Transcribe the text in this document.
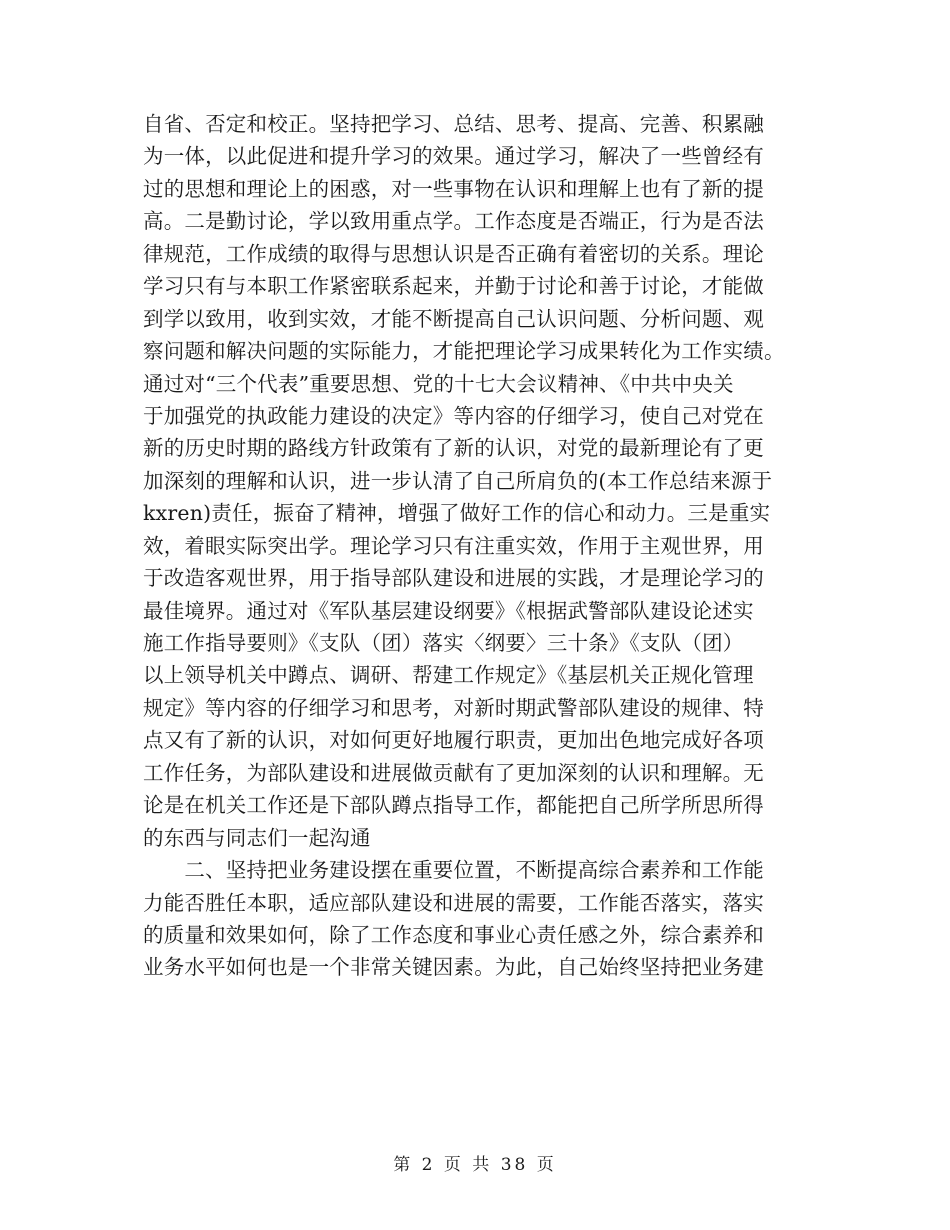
自省、否定和校正。坚持把学习、总结、思考、提高、完善、积累融
为一体，以此促进和提升学习的效果。通过学习，解决了一些曾经有
过的思想和理论上的困惑，对一些事物在认识和理解上也有了新的提
高。二是勤讨论，学以致用重点学。工作态度是否端正，行为是否法
律规范，工作成绩的取得与思想认识是否正确有着密切的关系。理论
学习只有与本职工作紧密联系起来，并勤于讨论和善于讨论，才能做
到学以致用，收到实效，才能不断提高自己认识问题、分析问题、观
察问题和解决问题的实际能力，才能把理论学习成果转化为工作实绩。
通过对“三个代表”重要思想、党的十七大会议精神、《中共中央关
于加强党的执政能力建设的决定》等内容的仔细学习，使自己对党在
新的历史时期的路线方针政策有了新的认识，对党的最新理论有了更
加深刻的理解和认识，进一步认清了自己所肩负的(本工作总结来源于
kxren)责任，振奋了精神，增强了做好工作的信心和动力。三是重实
效，着眼实际突出学。理论学习只有注重实效，作用于主观世界，用
于改造客观世界，用于指导部队建设和进展的实践，才是理论学习的
最佳境界。通过对《军队基层建设纲要》《根据武警部队建设论述实
施工作指导要则》《支队（团）落实〈纲要〉三十条》《支队（团）
以上领导机关中蹲点、调研、帮建工作规定》《基层机关正规化管理
规定》等内容的仔细学习和思考，对新时期武警部队建设的规律、特
点又有了新的认识，对如何更好地履行职责，更加出色地完成好各项
工作任务，为部队建设和进展做贡献有了更加深刻的认识和理解。无
论是在机关工作还是下部队蹲点指导工作，都能把自己所学所思所得
的东西与同志们一起沟通
　　二、坚持把业务建设摆在重要位置，不断提高综合素养和工作能
力能否胜任本职，适应部队建设和进展的需要，工作能否落实，落实
的质量和效果如何，除了工作态度和事业心责任感之外，综合素养和
业务水平如何也是一个非常关键因素。为此，自己始终坚持把业务建
第 2 页 共 38 页
